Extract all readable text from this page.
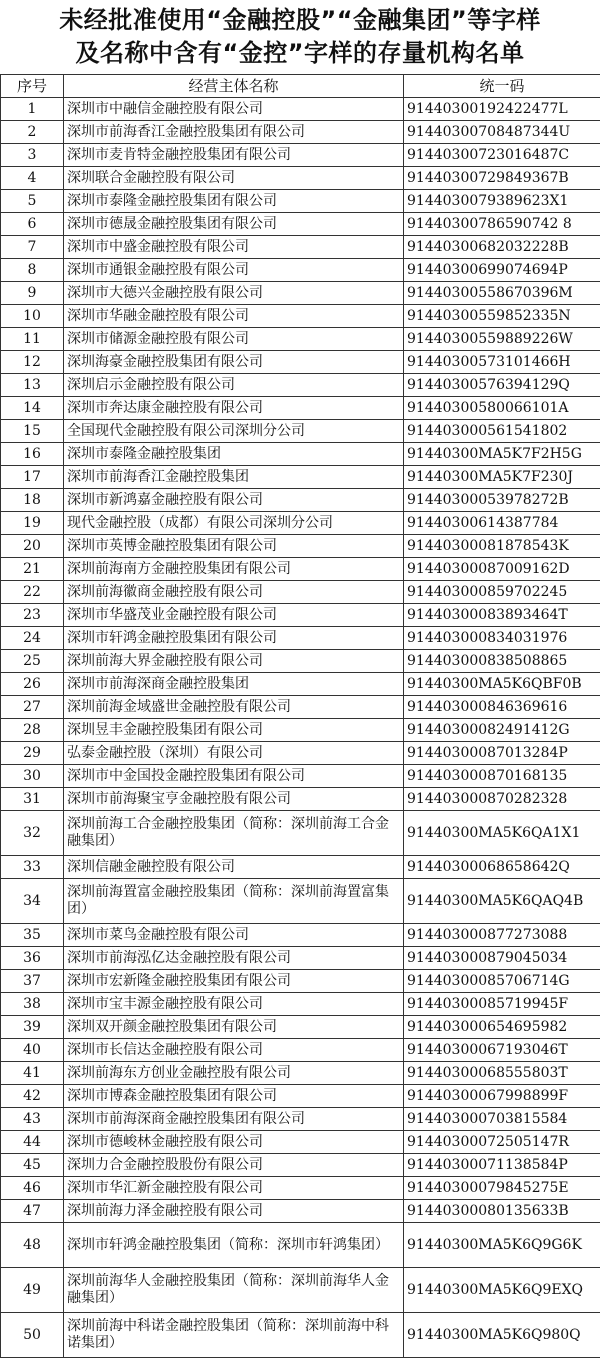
未经批准使用“金融控股”“金融集团”等字样
及名称中含有“金控”字样的存量机构名单
序号	经营主体名称	统一码
1	深圳市中融信金融控股有限公司	91440300192422477L
2	深圳市前海香江金融控股集团有限公司	91440300708487344U
3	深圳市麦肯特金融控股集团有限公司	91440300723016487C
4	深圳联合金融控股有限公司	91440300729849367B
5	深圳市泰隆金融控股集团有限公司	9144030079389623X1
6	深圳市德晟金融控股集团有限公司	91440300786590742 8
7	深圳市中盛金融控股有限公司	91440300682032228B
8	深圳市通银金融控股有限公司	91440300699074694P
9	深圳市大德兴金融控股有限公司	91440300558670396M
10	深圳市华融金融控股有限公司	91440300559852335N
11	深圳市储源金融控股有限公司	91440300559889226W
12	深圳海豪金融控股集团有限公司	91440300573101466H
13	深圳启示金融控股有限公司	91440300576394129Q
14	深圳市奔达康金融控股有限公司	91440300580066101A
15	全国现代金融控股有限公司深圳分公司	914403000561541802
16	深圳市泰隆金融控股集团	91440300MA5K7F2H5G
17	深圳市前海香江金融控股集团	91440300MA5K7F230J
18	深圳市新鸿嘉金融控股有限公司	91440300053978272B
19	现代金融控股（成都）有限公司深圳分公司	91440300614387784
20	深圳市英博金融控股集团有限公司	91440300081878543K
21	深圳前海南方金融控股集团有限公司	91440300087009162D
22	深圳前海徽商金融控股有限公司	914403000859702245
23	深圳市华盛茂业金融控股有限公司	91440300083893464T
24	深圳市轩鸿金融控股集团有限公司	914403000834031976
25	深圳前海大界金融控股有限公司	914403000838508865
26	深圳市前海深商金融控股集团	91440300MA5K6QBF0B
27	深圳前海金域盛世金融控股有限公司	914403000846369616
28	深圳昱丰金融控股集团有限公司	91440300082491412G
29	弘泰金融控股（深圳）有限公司	91440300087013284P
30	深圳市中金国投金融控股集团有限公司	914403000870168135
31	深圳市前海聚宝亨金融控股有限公司	914403000870282328
32	深圳前海工合金融控股集团（简称：深圳前海工合金融集团）	91440300MA5K6QA1X1
33	深圳信融金融控股有限公司	91440300068658642Q
34	深圳前海置富金融控股集团（简称：深圳前海置富集团）	91440300MA5K6QAQ4B
35	深圳市菜鸟金融控股有限公司	914403000877273088
36	深圳市前海泓亿达金融控股有限公司	914403000879045034
37	深圳市宏新隆金融控股集团有限公司	91440300085706714G
38	深圳市宝丰源金融控股有限公司	91440300085719945F
39	深圳双开颜金融控股集团有限公司	914403000654695982
40	深圳市长信达金融控股有限公司	91440300067193046T
41	深圳前海东方创业金融控股有限公司	91440300068555803T
42	深圳市博森金融控股集团有限公司	91440300067998899F
43	深圳市前海深商金融控股集团有限公司	914403000703815584
44	深圳市德峻林金融控股有限公司	91440300072505147R
45	深圳力合金融控股股份有限公司	91440300071138584P
46	深圳市华汇新金融控股有限公司	91440300079845275E
47	深圳前海力泽金融控股有限公司	91440300080135633B
48	深圳市轩鸿金融控股集团（简称：深圳市轩鸿集团）	91440300MA5K6Q9G6K
49	深圳前海华人金融控股集团（简称：深圳前海华人金融集团）	91440300MA5K6Q9EXQ
50	深圳前海中科诺金融控股集团（简称：深圳前海中科诺集团）	91440300MA5K6Q980Q
